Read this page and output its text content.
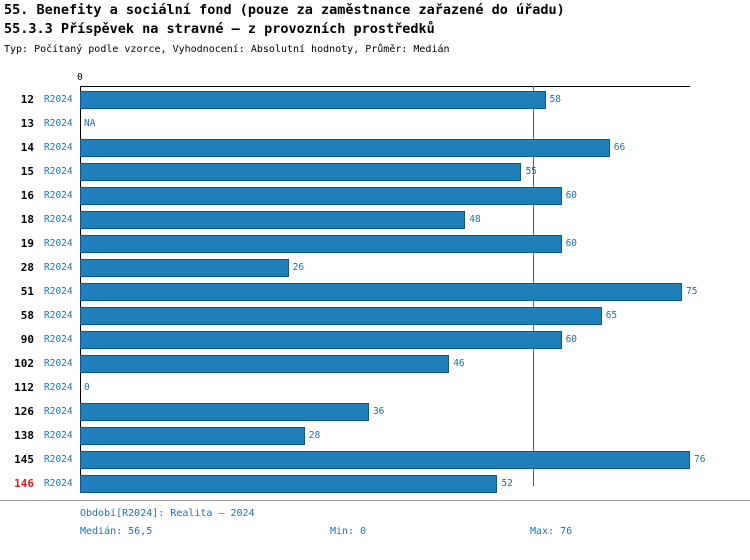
55. Benefity a sociální fond (pouze za zaměstnance zařazené do úřadu)
55.3.3 Příspěvek na stravné – z provozních prostředků
Typ: Počítaný podle vzorce, Vyhodnocení: Absolutní hodnoty, Průměr: Medián
0
12 R2024	58
13 R2024 NA
14 R2024	66
15 R2024	55
16 R2024	60
18 R2024	48
19 R2024	60
28 R2024	26
51 R2024	75
58 R2024	65
90 R2024	60
102 R2024	46
112 R2024 0
126 R2024	36
138 R2024	28
145 R2024	76
146 R2024	52
Období[R2024]: Realita – 2024
Medián: 56,5	Min: 0	Max: 76
